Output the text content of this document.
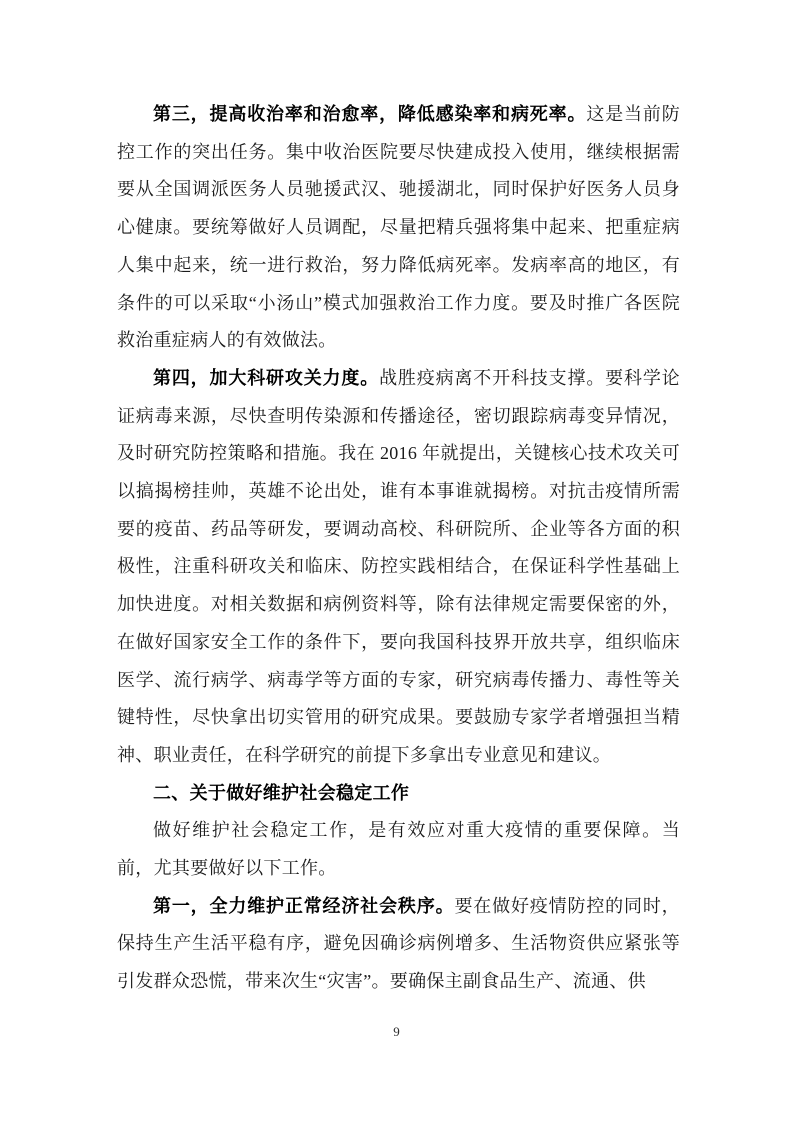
第三，提高收治率和治愈率，降低感染率和病死率。这是当前防控工作的突出任务。集中收治医院要尽快建成投入使用，继续根据需要从全国调派医务人员驰援武汉、驰援湖北，同时保护好医务人员身心健康。要统筹做好人员调配，尽量把精兵强将集中起来、把重症病人集中起来，统一进行救治，努力降低病死率。发病率高的地区，有条件的可以采取“小汤山”模式加强救治工作力度。要及时推广各医院救治重症病人的有效做法。

第四，加大科研攻关力度。战胜疫病离不开科技支撑。要科学论证病毒来源，尽快查明传染源和传播途径，密切跟踪病毒变异情况，及时研究防控策略和措施。我在 2016 年就提出，关键核心技术攻关可以搞揭榜挂帅，英雄不论出处，谁有本事谁就揭榜。对抗击疫情所需要的疫苗、药品等研发，要调动高校、科研院所、企业等各方面的积极性，注重科研攻关和临床、防控实践相结合，在保证科学性基础上加快进度。对相关数据和病例资料等，除有法律规定需要保密的外，在做好国家安全工作的条件下，要向我国科技界开放共享，组织临床医学、流行病学、病毒学等方面的专家，研究病毒传播力、毒性等关键特性，尽快拿出切实管用的研究成果。要鼓励专家学者增强担当精神、职业责任，在科学研究的前提下多拿出专业意见和建议。

二、关于做好维护社会稳定工作

做好维护社会稳定工作，是有效应对重大疫情的重要保障。当前，尤其要做好以下工作。

第一，全力维护正常经济社会秩序。要在做好疫情防控的同时，保持生产生活平稳有序，避免因确诊病例增多、生活物资供应紧张等引发群众恐慌，带来次生“灾害”。要确保主副食品生产、流通、供

9
